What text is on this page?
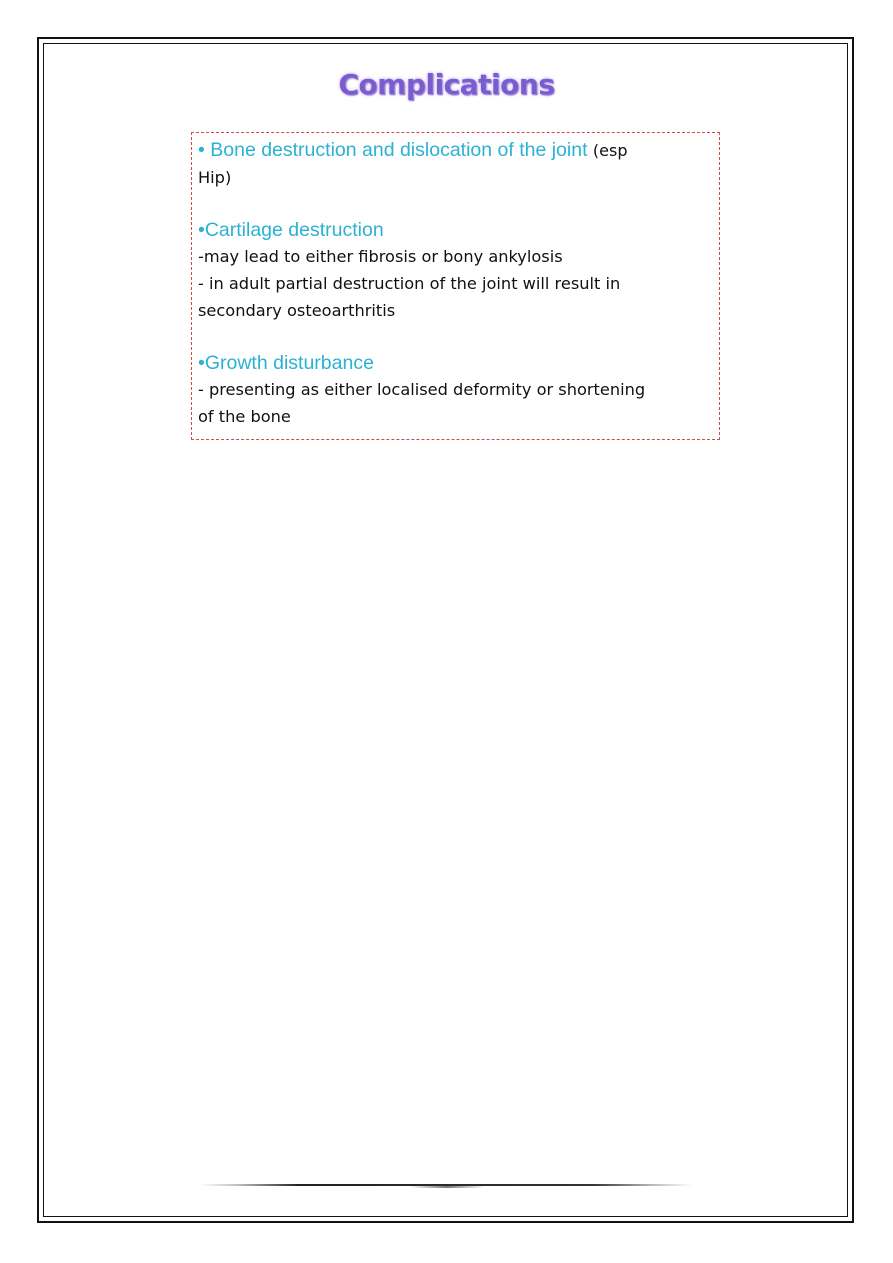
Complications

• Bone destruction and dislocation of the joint (esp

Hip)

•Cartilage destruction

-may lead to either fibrosis or bony ankylosis

- in adult partial destruction of the joint will result in

secondary osteoarthritis

•Growth disturbance

- presenting as either localised deformity or shortening

of the bone
